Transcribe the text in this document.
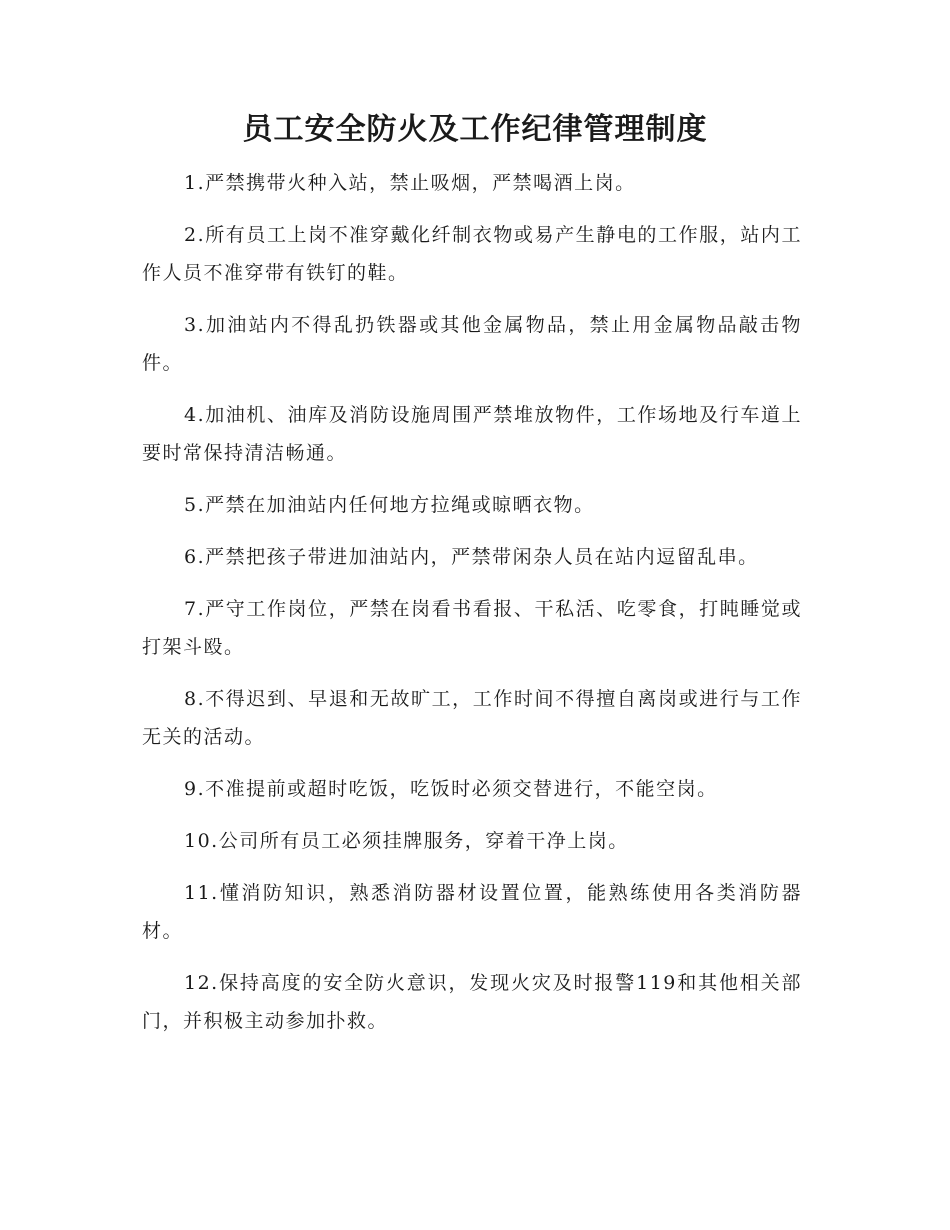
员工安全防火及工作纪律管理制度

1.严禁携带火种入站，禁止吸烟，严禁喝酒上岗。

2.所有员工上岗不准穿戴化纤制衣物或易产生静电的工作服，站内工作人员不准穿带有铁钉的鞋。

3.加油站内不得乱扔铁器或其他金属物品，禁止用金属物品敲击物件。

4.加油机、油库及消防设施周围严禁堆放物件，工作场地及行车道上要时常保持清洁畅通。

5.严禁在加油站内任何地方拉绳或晾晒衣物。

6.严禁把孩子带进加油站内，严禁带闲杂人员在站内逗留乱串。

7.严守工作岗位，严禁在岗看书看报、干私活、吃零食，打盹睡觉或打架斗殴。

8.不得迟到、早退和无故旷工，工作时间不得擅自离岗或进行与工作无关的活动。

9.不准提前或超时吃饭，吃饭时必须交替进行，不能空岗。

10.公司所有员工必须挂牌服务，穿着干净上岗。

11.懂消防知识，熟悉消防器材设置位置，能熟练使用各类消防器材。

12.保持高度的安全防火意识，发现火灾及时报警119和其他相关部门，并积极主动参加扑救。
